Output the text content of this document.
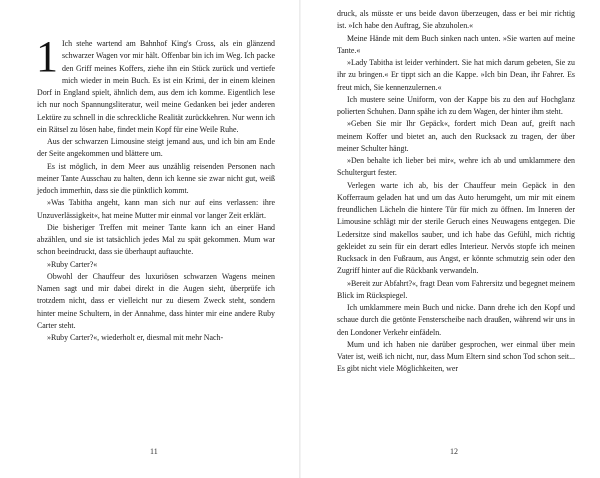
1 Ich stehe wartend am Bahnhof King's Cross, als ein glänzend schwarzer Wagen vor mir hält. Offenbar bin ich im Weg. Ich packe den Griff meines Koffers, ziehe ihn ein Stück zurück und vertiefe mich wieder in mein Buch. Es ist ein Krimi, der in einem kleinen Dorf in England spielt, ähnlich dem, aus dem ich komme. Eigentlich lese ich nur noch Spannungsliteratur, weil meine Gedanken bei jeder anderen Lektüre zu schnell in die schreckliche Realität zurückkehren. Nur wenn ich ein Rätsel zu lösen habe, findet mein Kopf für eine Weile Ruhe.

Aus der schwarzen Limousine steigt jemand aus, und ich bin am Ende der Seite angekommen und blättere um.

Es ist möglich, in dem Meer aus unzählig reisenden Personen nach meiner Tante Ausschau zu halten, denn ich kenne sie zwar nicht gut, weiß jedoch immerhin, dass sie die pünktlich kommt.

»Was Tabitha angeht, kann man sich nur auf eins verlassen: ihre Unzuverlässigkeit«, hat meine Mutter mir einmal vor langer Zeit erklärt.

Die bisheriger Treffen mit meiner Tante kann ich an einer Hand abzählen, und sie ist tatsächlich jedes Mal zu spät gekommen. Mum war schon beeindruckt, dass sie überhaupt auftauchte.

»Ruby Carter?«

Obwohl der Chauffeur des luxuriösen schwarzen Wagens meinen Namen sagt und mir dabei direkt in die Augen sieht, überprüfe ich trotzdem nicht, dass er vielleicht nur zu diesem Zweck steht, sondern hinter meine Schultern, in der Annahme, dass hinter mir eine andere Ruby Carter steht.

»Ruby Carter?«, wiederholt er, diesmal mit mehr Nach-

11

druck, als müsste er uns beide davon überzeugen, dass er bei mir richtig ist. »Ich habe den Auftrag, Sie abzuholen.«

Meine Hände mit dem Buch sinken nach unten. »Sie warten auf meine Tante.«

»Lady Tabitha ist leider verhindert. Sie hat mich darum gebeten, Sie zu ihr zu bringen.« Er tippt sich an die Kappe. »Ich bin Dean, ihr Fahrer. Es freut mich, Sie kennenzulernen.«

Ich mustere seine Uniform, von der Kappe bis zu den auf Hochglanz polierten Schuhen. Dann spähe ich zu dem Wagen, der hinter ihm steht.

»Geben Sie mir Ihr Gepäck«, fordert mich Dean auf, greift nach meinem Koffer und bietet an, auch den Rucksack zu tragen, der über meiner Schulter hängt.

»Den behalte ich lieber bei mir«, wehre ich ab und umklammere den Schultergurt fester.

Verlegen warte ich ab, bis der Chauffeur mein Gepäck in den Kofferraum geladen hat und um das Auto herumgeht, um mir mit einem freundlichen Lächeln die hintere Tür für mich zu öffnen. Im Inneren der Limousine schlägt mir der sterile Geruch eines Neuwagens entgegen. Die Ledersitze sind makellos sauber, und ich habe das Gefühl, mich richtig gekleidet zu sein für ein derart edles Interieur. Nervös stopfe ich meinen Rucksack in den Fußraum, aus Angst, er könnte schmutzig sein oder den Zugriff hinter auf die Rückbank verwandeln.

»Bereit zur Abfahrt?«, fragt Dean vom Fahrersitz und begegnet meinem Blick im Rückspiegel.

Ich umklammere mein Buch und nicke. Dann drehe ich den Kopf und schaue durch die getönte Fensterscheibe nach draußen, während wir uns in den Londoner Verkehr einfädeln.

Mum und ich haben nie darüber gesprochen, wer einmal über mein Vater ist, weiß ich nicht, nur, dass Mum Eltern sind schon Tod schon seit... Es gibt nicht viele Möglichkeiten, wer

12
